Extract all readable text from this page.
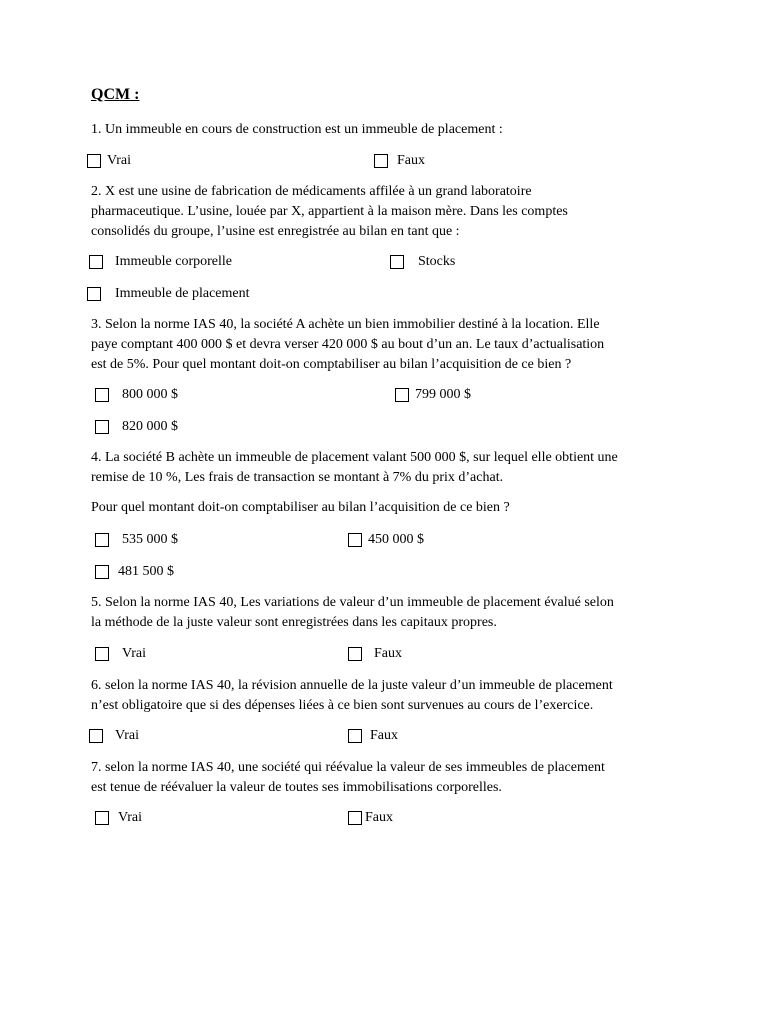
QCM :
1. Un immeuble en cours de construction est un immeuble de placement :
Vrai	Faux
2. X est une usine de fabrication de médicaments affilée à un grand laboratoire
pharmaceutique. L’usine, louée par X, appartient à la maison mère. Dans les comptes
consolidés du groupe, l’usine est enregistrée au bilan en tant que :
Immeuble corporelle	Stocks
Immeuble de placement
3. Selon la norme IAS 40, la société A achète un bien immobilier destiné à la location. Elle
paye comptant 400 000 $ et devra verser 420 000 $ au bout d’un an. Le taux d’actualisation
est de 5%. Pour quel montant doit-on comptabiliser au bilan l’acquisition de ce bien ?
800 000 $	799 000 $
820 000 $
4. La société B achète un immeuble de placement valant 500 000 $, sur lequel elle obtient une
remise de 10 %, Les frais de transaction se montant à 7% du prix d’achat.
Pour quel montant doit-on comptabiliser au bilan l’acquisition de ce bien ?
535 000 $	450 000 $
481 500 $
5. Selon la norme IAS 40, Les variations de valeur d’un immeuble de placement évalué selon
la méthode de la juste valeur sont enregistrées dans les capitaux propres.
Vrai	Faux
6. selon la norme IAS 40, la révision annuelle de la juste valeur d’un immeuble de placement
n’est obligatoire que si des dépenses liées à ce bien sont survenues au cours de l’exercice.
Vrai	Faux
7. selon la norme IAS 40, une société qui réévalue la valeur de ses immeubles de placement
est tenue de réévaluer la valeur de toutes ses immobilisations corporelles.
Vrai	Faux
